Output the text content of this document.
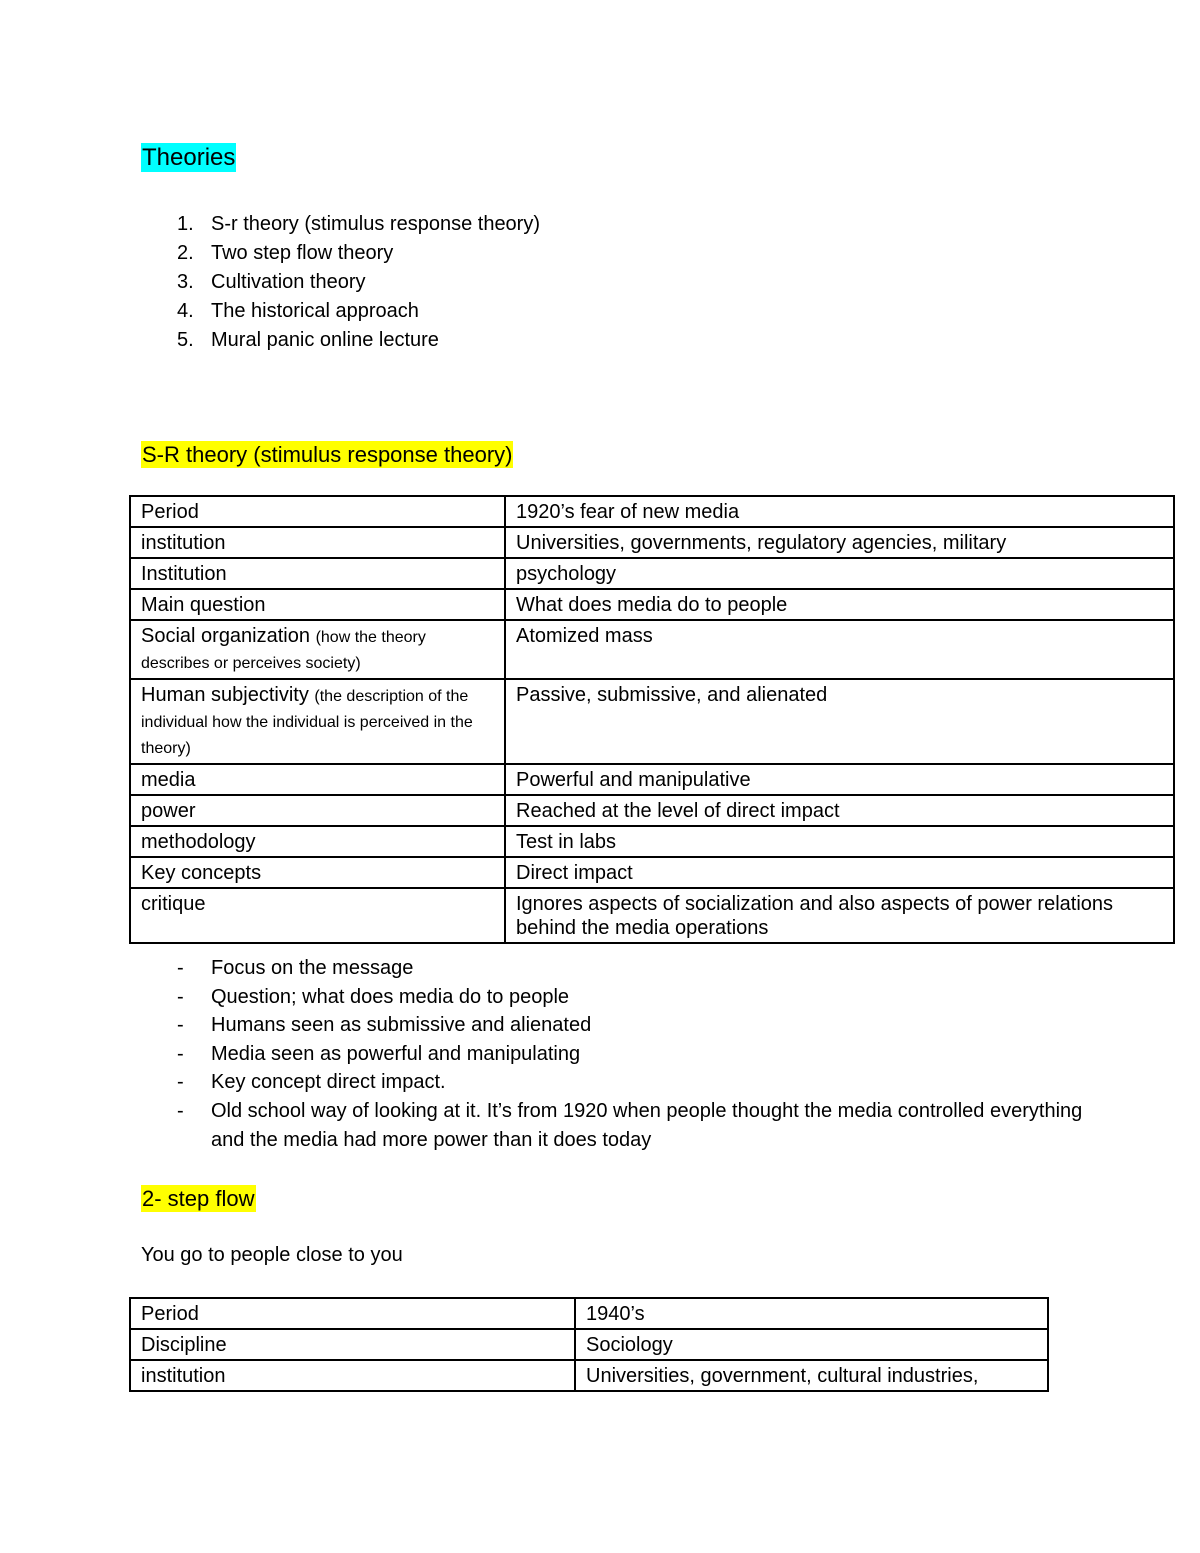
Theories
1. S-r theory (stimulus response theory)
2. Two step flow theory
3. Cultivation theory
4. The historical approach
5. Mural panic online lecture
S-R theory (stimulus response theory)
Period	1920’s fear of new media
institution	Universities, governments, regulatory agencies, military
Institution	psychology
Main question	What does media do to people
Social organization (how the theory describes or perceives society)	Atomized mass
Human subjectivity (the description of the individual how the individual is perceived in the theory)	Passive, submissive, and alienated
media	Powerful and manipulative
power	Reached at the level of direct impact
methodology	Test in labs
Key concepts	Direct impact
critique	Ignores aspects of socialization and also aspects of power relations behind the media operations
- Focus on the message
- Question; what does media do to people
- Humans seen as submissive and alienated
- Media seen as powerful and manipulating
- Key concept direct impact.
- Old school way of looking at it. It’s from 1920 when people thought the media controlled everything and the media had more power than it does today
2- step flow
You go to people close to you
Period	1940’s
Discipline	Sociology
institution	Universities, government, cultural industries,
